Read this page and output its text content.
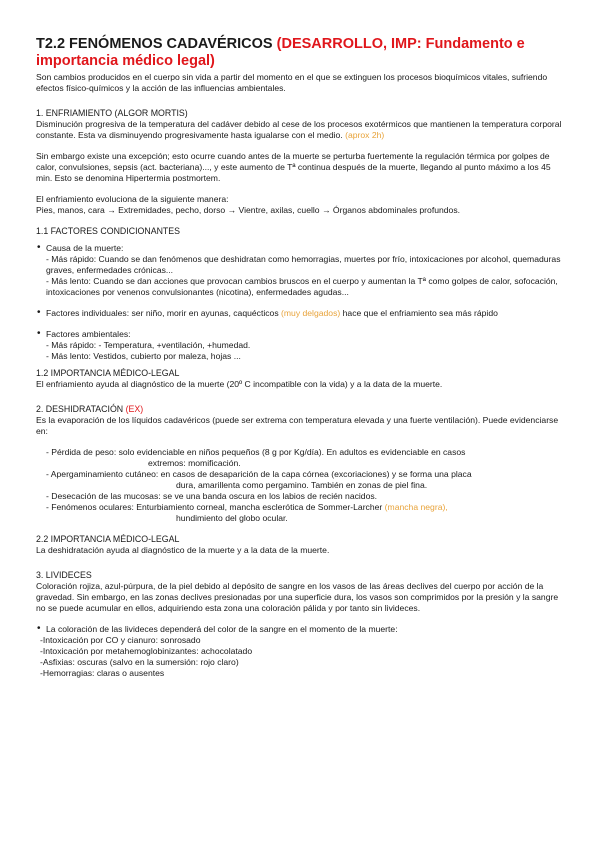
T2.2 FENÓMENOS CADAVÉRICOS (DESARROLLO, IMP: Fundamento e importancia médico legal)
Son cambios producidos en el cuerpo sin vida a partir del momento en el que se extinguen los procesos bioquímicos vitales, sufriendo efectos físico-químicos y la acción de las influencias ambientales.
1. ENFRIAMIENTO (ALGOR MORTIS)
Disminución progresiva de la temperatura del cadáver debido al cese de los procesos exotérmicos que mantienen la temperatura corporal constante. Esta va disminuyendo progresivamente hasta igualarse con el medio. (aprox 2h)
Sin embargo existe una excepción; esto ocurre cuando antes de la muerte se perturba fuertemente la regulación térmica por golpes de calor, convulsiones, sepsis (act. bacteriana)..., y este aumento de Tª continua después de la muerte, llegando al punto máximo a los 45 min. Esto se denomina Hipertermia postmortem.
El enfriamiento evoluciona de la siguiente manera:
Pies, manos, cara → Extremidades, pecho, dorso → Vientre, axilas, cuello → Órganos abdominales profundos.
1.1 FACTORES CONDICIONANTES
• Causa de la muerte:
- Más rápido: Cuando se dan fenómenos que deshidratan como hemorragias, muertes por frío, intoxicaciones por alcohol, quemaduras graves, enfermedades crónicas...
- Más lento: Cuando se dan acciones que provocan cambios bruscos en el cuerpo y aumentan la Tª como golpes de calor, sofocación, intoxicaciones por venenos convulsionantes (nicotina), enfermedades agudas...
• Factores individuales: ser niño, morir en ayunas, caquécticos (muy delgados) hace que el enfriamiento sea más rápido
• Factores ambientales:
- Más rápido: - Temperatura, +ventilación, +humedad.
- Más lento: Vestidos, cubierto por maleza, hojas ...
1.2 IMPORTANCIA MÉDICO-LEGAL
El enfriamiento ayuda al diagnóstico de la muerte (20º C incompatible con la vida) y a la data de la muerte.
2. DESHIDRATACIÓN (EX)
Es la evaporación de los líquidos cadavéricos (puede ser extrema con temperatura elevada y una fuerte ventilación). Puede evidenciarse en:
- Pérdida de peso: solo evidenciable en niños pequeños (8 g por Kg/día). En adultos es evidenciable en casos
extremos: momificación.
- Apergaminamiento cutáneo: en casos de desaparición de la capa córnea (excoriaciones) y se forma una placa
dura, amarillenta como pergamino. También en zonas de piel fina.
- Desecación de las mucosas: se ve una banda oscura en los labios de recién nacidos.
- Fenómenos oculares: Enturbiamiento corneal, mancha esclerótica de Sommer-Larcher (mancha negra),
hundimiento del globo ocular.
2.2 IMPORTANCIA MÉDICO-LEGAL
La deshidratación ayuda al diagnóstico de la muerte y a la data de la muerte.
3. LIVIDECES
Coloración rojiza, azul-púrpura, de la piel debido al depósito de sangre en los vasos de las áreas declives del cuerpo por acción de la gravedad. Sin embargo, en las zonas declives presionadas por una superficie dura, los vasos son comprimidos por la presión y la sangre no se puede acumular en ellos, adquiriendo esta zona una coloración pálida y por tanto sin livideces.
• La coloración de las livideces dependerá del color de la sangre en el momento de la muerte:
-Intoxicación por CO y cianuro: sonrosado
-Intoxicación por metahemoglobinizantes: achocolatado
-Asfixias: oscuras (salvo en la sumersión: rojo claro)
-Hemorragias: claras o ausentes
